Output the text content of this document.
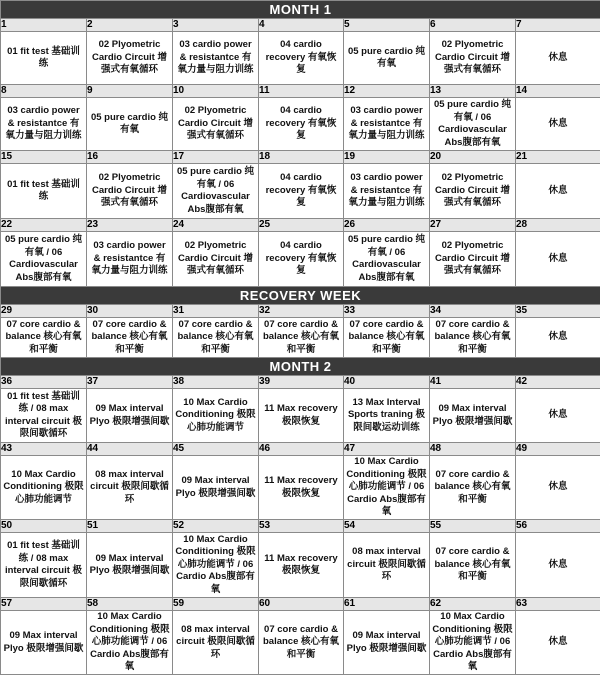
MONTH 1						
1	2	3	4	5	6	7

01 fit test 基础训练	02 Plyometric Cardio Circuit 增强式有氧循环	03 cardio power & resistantce 有氧力量与阻力训练	04 cardio recovery 有氧恢复	05 pure cardio 纯有氧	02 Plyometric Cardio Circuit 增强式有氧循环	休息

8	9	10	11	12	13	14

03 cardio power & resistantce 有氧力量与阻力训练	05 pure cardio 纯有氧	02 Plyometric Cardio Circuit 增强式有氧循环	04 cardio recovery 有氧恢复	03 cardio power & resistantce 有氧力量与阻力训练	05 pure cardio 纯有氧 / 06 Cardiovascular Abs腹部有氧	休息

15	16	17	18	19	20	21

01 fit test 基础训练	02 Plyometric Cardio Circuit 增强式有氧循环	05 pure cardio 纯有氧 / 06 Cardiovascular Abs腹部有氧	04 cardio recovery 有氧恢复	03 cardio power & resistantce 有氧力量与阻力训练	02 Plyometric Cardio Circuit 增强式有氧循环	休息

22	23	24	25	26	27	28

05 pure cardio 纯有氧 / 06 Cardiovascular Abs腹部有氧	03 cardio power & resistantce 有氧力量与阻力训练	02 Plyometric Cardio Circuit 增强式有氧循环	04 cardio recovery 有氧恢复	05 pure cardio 纯有氧 / 06 Cardiovascular Abs腹部有氧	02 Plyometric Cardio Circuit 增强式有氧循环	休息

RECOVERY WEEK						
29	30	31	32	33	34	35

07 core cardio & balance 核心有氧和平衡	07 core cardio & balance 核心有氧和平衡	07 core cardio & balance 核心有氧和平衡	07 core cardio & balance 核心有氧和平衡	07 core cardio & balance 核心有氧和平衡	07 core cardio & balance 核心有氧和平衡	休息

MONTH 2						
36	37	38	39	40	41	42

01 fit test 基础训练 / 08 max interval circuit 极限间歇循环	09 Max interval Plyo 极限增强间歇	10 Max Cardio Conditioning 极限心肺功能调节	11 Max recovery 极限恢复	13 Max Interval Sports traning 极限间歇运动训练	09 Max interval Plyo 极限增强间歇	休息

43	44	45	46	47	48	49

10 Max Cardio Conditioning 极限心肺功能调节	08 max interval circuit 极限间歇循环	09 Max interval Plyo 极限增强间歇	11 Max recovery 极限恢复	10 Max Cardio Conditioning 极限心肺功能调节 / 06 Cardio Abs腹部有氧	07 core cardio & balance 核心有氧和平衡	休息

50	51	52	53	54	55	56

01 fit test 基础训练 / 08 max interval circuit 极限间歇循环	09 Max interval Plyo 极限增强间歇	10 Max Cardio Conditioning 极限心肺功能调节 / 06 Cardio Abs腹部有氧	11 Max recovery 极限恢复	08 max interval circuit 极限间歇循环	07 core cardio & balance 核心有氧和平衡	休息

57	58	59	60	61	62	63

09 Max interval Plyo 极限增强间歇	10 Max Cardio Conditioning 极限心肺功能调节 / 06 Cardio Abs腹部有氧	08 max interval circuit 极限间歇循环	07 core cardio & balance 核心有氧和平衡	09 Max interval Plyo 极限增强间歇	10 Max Cardio Conditioning 极限心肺功能调节 / 06 Cardio Abs腹部有氧	休息
